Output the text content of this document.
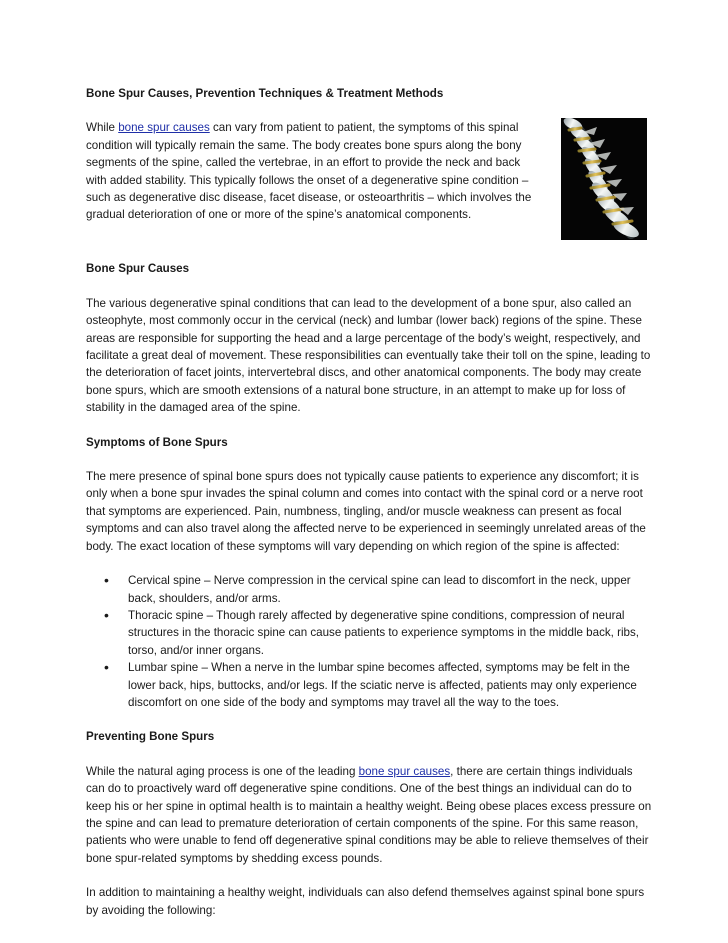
Bone Spur Causes, Prevention Techniques & Treatment Methods

While bone spur causes can vary from patient to patient, the symptoms of this spinal condition will typically remain the same. The body creates bone spurs along the bony segments of the spine, called the vertebrae, in an effort to provide the neck and back with added stability. This typically follows the onset of a degenerative spine condition – such as degenerative disc disease, facet disease, or osteoarthritis – which involves the gradual deterioration of one or more of the spine’s anatomical components.

Bone Spur Causes

The various degenerative spinal conditions that can lead to the development of a bone spur, also called an osteophyte, most commonly occur in the cervical (neck) and lumbar (lower back) regions of the spine. These areas are responsible for supporting the head and a large percentage of the body’s weight, respectively, and facilitate a great deal of movement. These responsibilities can eventually take their toll on the spine, leading to the deterioration of facet joints, intervertebral discs, and other anatomical components. The body may create bone spurs, which are smooth extensions of a natural bone structure, in an attempt to make up for loss of stability in the damaged area of the spine.

Symptoms of Bone Spurs

The mere presence of spinal bone spurs does not typically cause patients to experience any discomfort; it is only when a bone spur invades the spinal column and comes into contact with the spinal cord or a nerve root that symptoms are experienced. Pain, numbness, tingling, and/or muscle weakness can present as focal symptoms and can also travel along the affected nerve to be experienced in seemingly unrelated areas of the body. The exact location of these symptoms will vary depending on which region of the spine is affected:

• Cervical spine – Nerve compression in the cervical spine can lead to discomfort in the neck, upper back, shoulders, and/or arms.
• Thoracic spine – Though rarely affected by degenerative spine conditions, compression of neural structures in the thoracic spine can cause patients to experience symptoms in the middle back, ribs, torso, and/or inner organs.
• Lumbar spine – When a nerve in the lumbar spine becomes affected, symptoms may be felt in the lower back, hips, buttocks, and/or legs. If the sciatic nerve is affected, patients may only experience discomfort on one side of the body and symptoms may travel all the way to the toes.
Preventing Bone Spurs

While the natural aging process is one of the leading bone spur causes, there are certain things individuals can do to proactively ward off degenerative spine conditions. One of the best things an individual can do to keep his or her spine in optimal health is to maintain a healthy weight. Being obese places excess pressure on the spine and can lead to premature deterioration of certain components of the spine. For this same reason, patients who were unable to fend off degenerative spinal conditions may be able to relieve themselves of their bone spur-related symptoms by shedding excess pounds.

In addition to maintaining a healthy weight, individuals can also defend themselves against spinal bone spurs by avoiding the following:
